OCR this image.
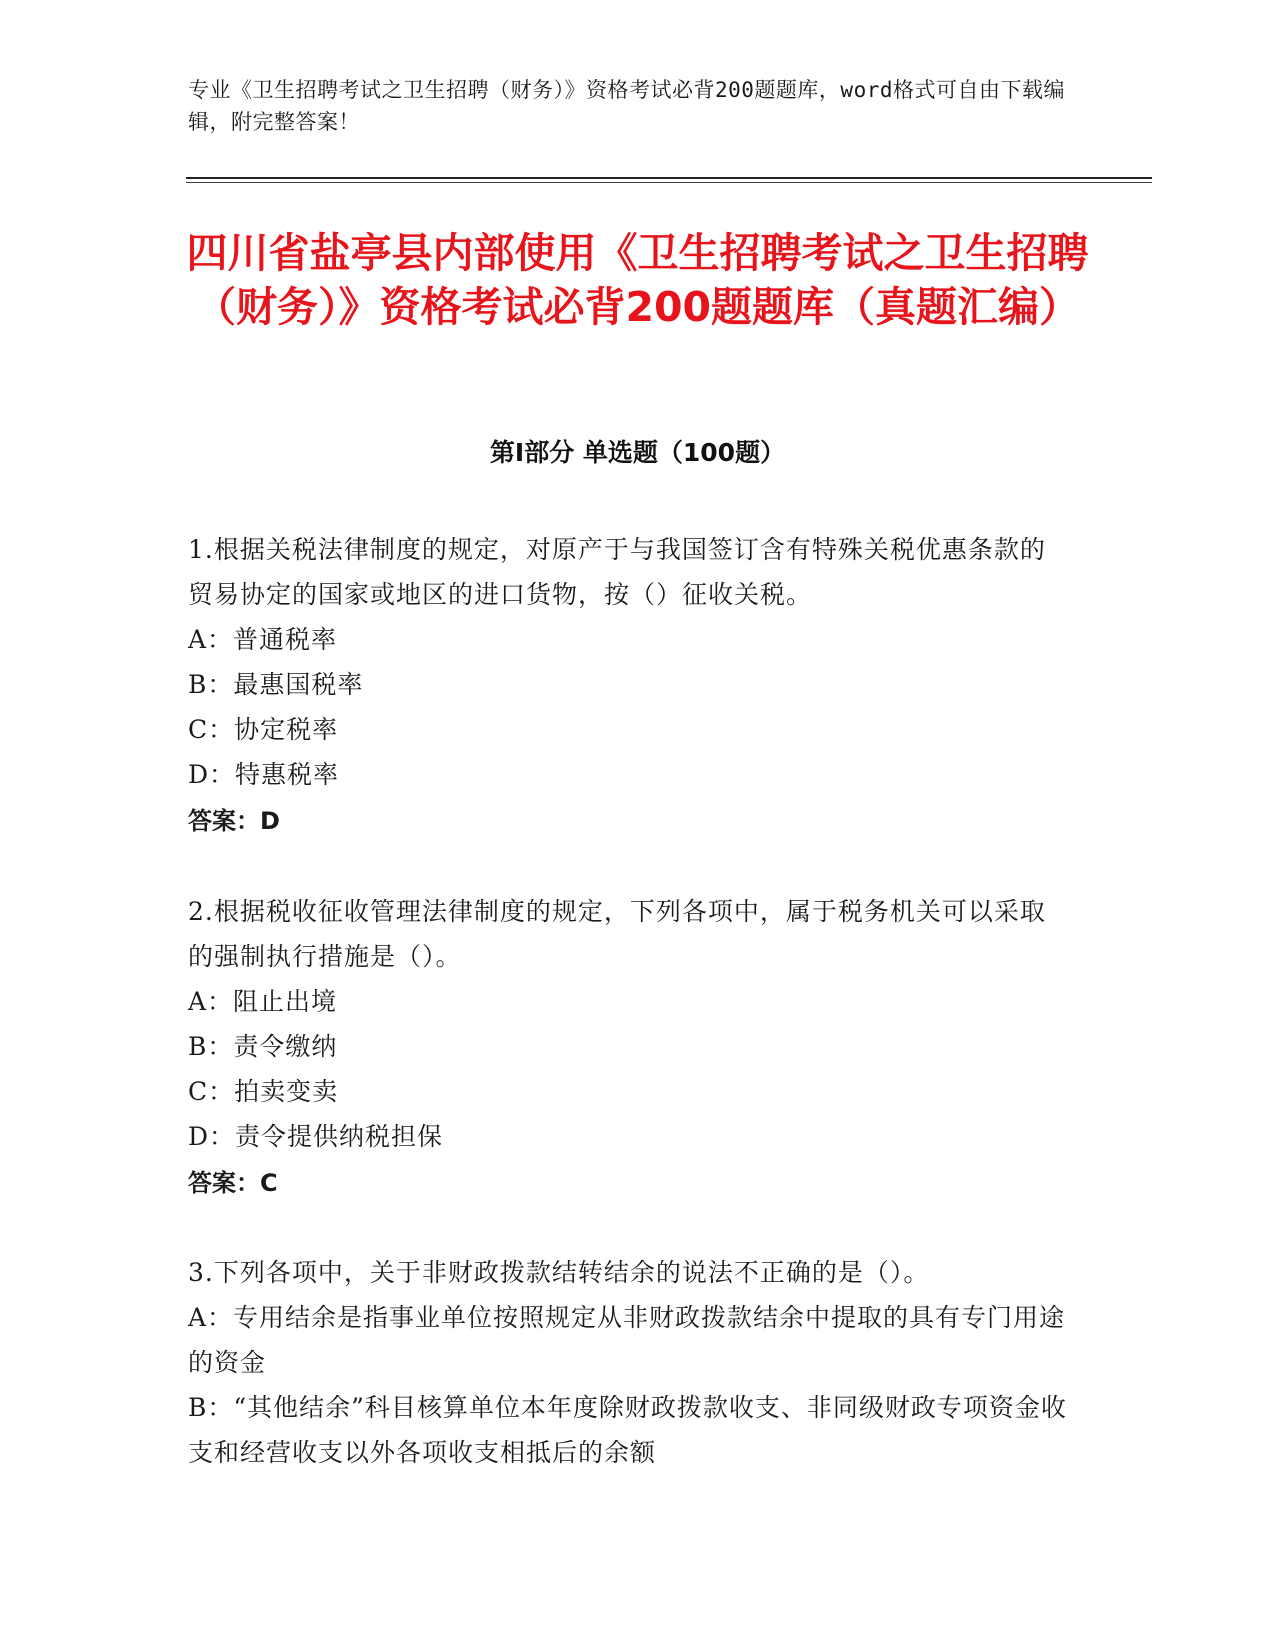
专业《卫生招聘考试之卫生招聘（财务）》资格考试必背200题题库，word格式可自由下载编辑，附完整答案！
四川省盐亭县内部使用《卫生招聘考试之卫生招聘（财务）》资格考试必背200题题库（真题汇编）
第Ⅰ部分 单选题（100题）
1.根据关税法律制度的规定，对原产于与我国签订含有特殊关税优惠条款的贸易协定的国家或地区的进口货物，按（）征收关税。
A：普通税率
B：最惠国税率
C：协定税率
D：特惠税率
答案：D
2.根据税收征收管理法律制度的规定，下列各项中，属于税务机关可以采取的强制执行措施是（）。
A：阻止出境
B：责令缴纳
C：拍卖变卖
D：责令提供纳税担保
答案：C
3.下列各项中，关于非财政拨款结转结余的说法不正确的是（）。
A：专用结余是指事业单位按照规定从非财政拨款结余中提取的具有专门用途的资金
B：“其他结余”科目核算单位本年度除财政拨款收支、非同级财政专项资金收支和经营收支以外各项收支相抵后的余额
